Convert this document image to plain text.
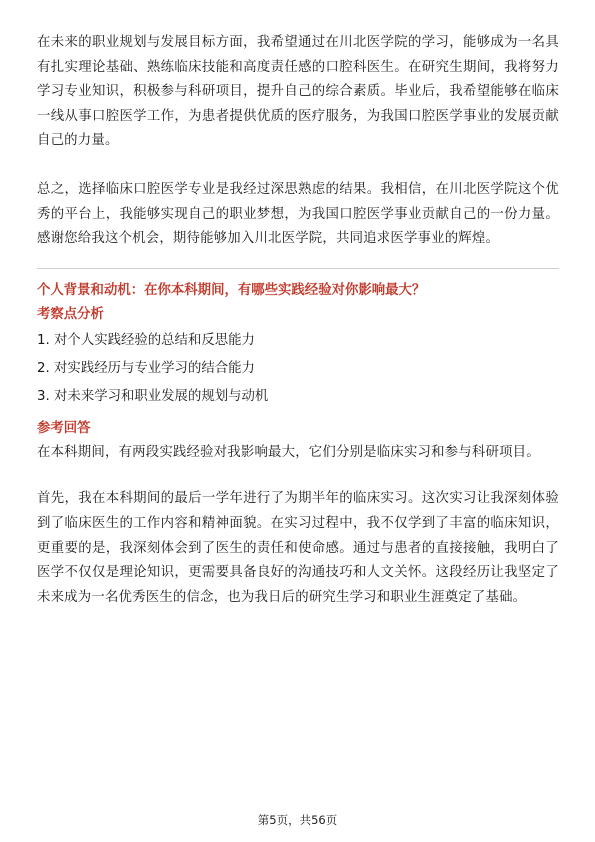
在未来的职业规划与发展目标方面，我希望通过在川北医学院的学习，能够成为一名具有扎实理论基础、熟练临床技能和高度责任感的口腔科医生。在研究生期间，我将努力学习专业知识，积极参与科研项目，提升自己的综合素质。毕业后，我希望能够在临床一线从事口腔医学工作，为患者提供优质的医疗服务，为我国口腔医学事业的发展贡献自己的力量。

总之，选择临床口腔医学专业是我经过深思熟虑的结果。我相信，在川北医学院这个优秀的平台上，我能够实现自己的职业梦想，为我国口腔医学事业贡献自己的一份力量。感谢您给我这个机会，期待能够加入川北医学院，共同追求医学事业的辉煌。

个人背景和动机：在你本科期间，有哪些实践经验对你影响最大？

考察点分析

1. 对个人实践经验的总结和反思能力
2. 对实践经历与专业学习的结合能力
3. 对未来学习和职业发展的规划与动机

参考回答

在本科期间，有两段实践经验对我影响最大，它们分别是临床实习和参与科研项目。

首先，我在本科期间的最后一学年进行了为期半年的临床实习。这次实习让我深刻体验到了临床医生的工作内容和精神面貌。在实习过程中，我不仅学到了丰富的临床知识，更重要的是，我深刻体会到了医生的责任和使命感。通过与患者的直接接触，我明白了医学不仅仅是理论知识，更需要具备良好的沟通技巧和人文关怀。这段经历让我坚定了未来成为一名优秀医生的信念，也为我日后的研究生学习和职业生涯奠定了基础。

第5页，共56页
